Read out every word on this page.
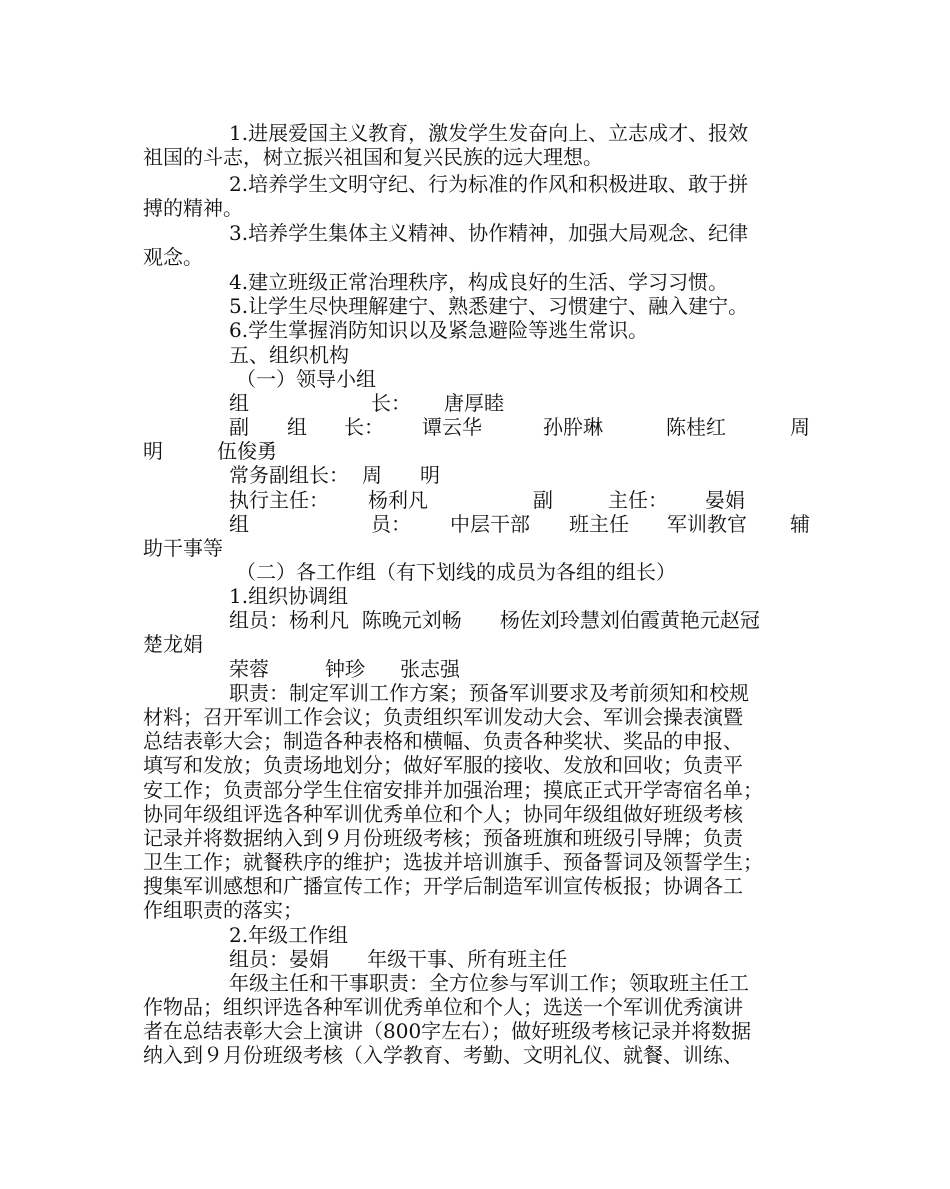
1.进展爱国主义教育，激发学生发奋向上、立志成才、报效
祖国的斗志，树立振兴祖国和复兴民族的远大理想。
2.培养学生文明守纪、行为标准的作风和积极进取、敢于拼
搏的精神。
3.培养学生集体主义精神、协作精神，加强大局观念、纪律
观念。
4.建立班级正常治理秩序，构成良好的生活、学习习惯。
5.让学生尽快理解建宁、熟悉建宁、习惯建宁、融入建宁。
6.学生掌握消防知识以及紧急避险等逃生常识。
五、组织机构
（一）领导小组
组	长： 唐厚睦
副 组 长： 谭云华	孙肸琳	陈桂红	周
明	伍俊勇
常务副组长： 周 明
执行主任： 杨利凡	副	主任： 晏娟
组	员： 中层干部 班主任 军训教官 辅
助干事等
（二）各工作组（有下划线的成员为各组的组长）
1.组织协调组
组员：杨利凡  陈晚元刘畅      杨佐刘玲慧刘伯霞黄艳元赵冠
楚龙娟
荣蓉	钟珍 张志强
职责：制定军训工作方案；预备军训要求及考前须知和校规
材料；召开军训工作会议；负责组织军训发动大会、军训会操表演暨
总结表彰大会；制造各种表格和横幅、负责各种奖状、奖品的申报、
填写和发放；负责场地划分；做好军服的接收、发放和回收；负责平
安工作；负责部分学生住宿安排并加强治理；摸底正式开学寄宿名单；
协同年级组评选各种军训优秀单位和个人；协同年级组做好班级考核
记录并将数据纳入到９月份班级考核；预备班旗和班级引导牌；负责
卫生工作；就餐秩序的维护；选拔并培训旗手、预备誓词及领誓学生；
搜集军训感想和广播宣传工作；开学后制造军训宣传板报；协调各工
作组职责的落实；
2.年级工作组
组员：晏娟      年级干事、所有班主任
年级主任和干事职责：全方位参与军训工作；领取班主任工
作物品；组织评选各种军训优秀单位和个人；选送一个军训优秀演讲
者在总结表彰大会上演讲（800字左右）；做好班级考核记录并将数据
纳入到９月份班级考核（入学教育、考勤、文明礼仪、就餐、训练、
